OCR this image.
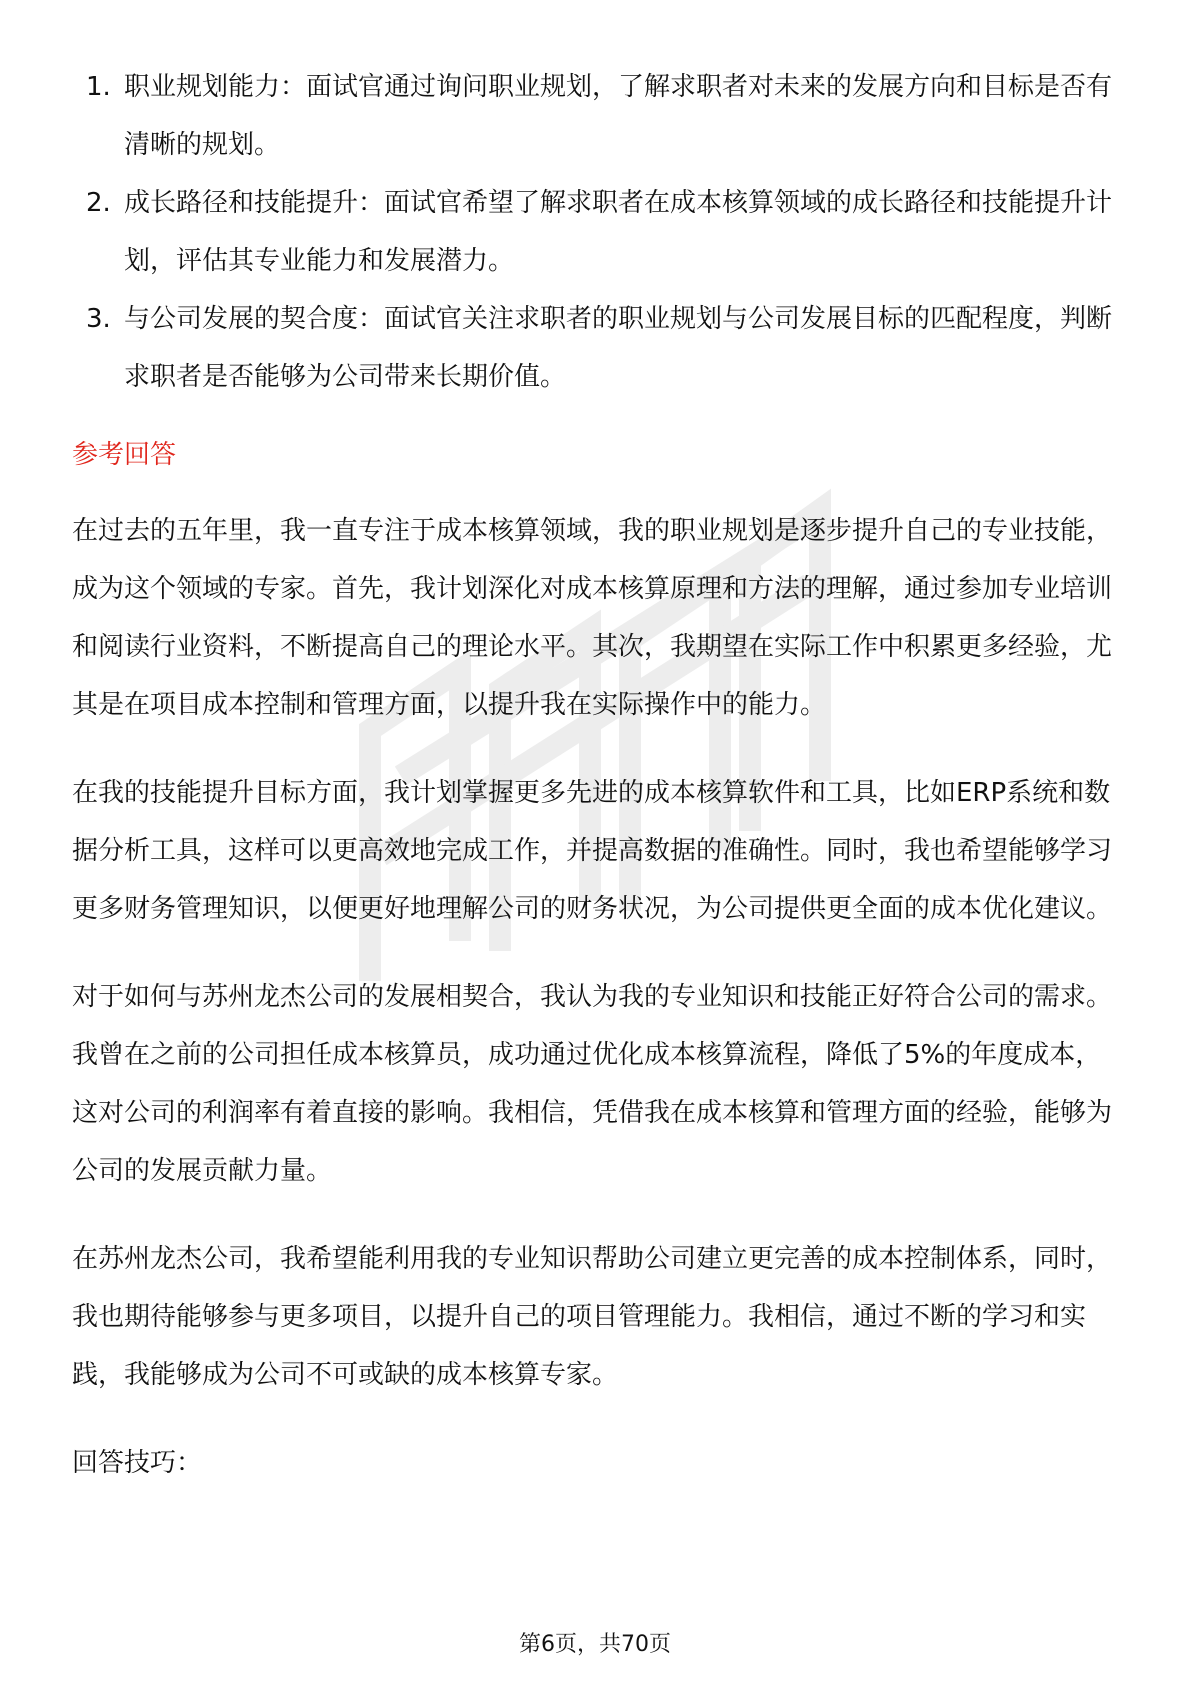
1. 职业规划能力：面试官通过询问职业规划，了解求职者对未来的发展方向和目标是否有清晰的规划。
2. 成长路径和技能提升：面试官希望了解求职者在成本核算领域的成长路径和技能提升计划，评估其专业能力和发展潜力。
3. 与公司发展的契合度：面试官关注求职者的职业规划与公司发展目标的匹配程度，判断求职者是否能够为公司带来长期价值。
参考回答

在过去的五年里，我一直专注于成本核算领域，我的职业规划是逐步提升自己的专业技能，成为这个领域的专家。首先，我计划深化对成本核算原理和方法的理解，通过参加专业培训和阅读行业资料，不断提高自己的理论水平。其次，我期望在实际工作中积累更多经验，尤其是在项目成本控制和管理方面，以提升我在实际操作中的能力。

在我的技能提升目标方面，我计划掌握更多先进的成本核算软件和工具，比如ERP系统和数据分析工具，这样可以更高效地完成工作，并提高数据的准确性。同时，我也希望能够学习更多财务管理知识，以便更好地理解公司的财务状况，为公司提供更全面的成本优化建议。

对于如何与苏州龙杰公司的发展相契合，我认为我的专业知识和技能正好符合公司的需求。我曾在之前的公司担任成本核算员，成功通过优化成本核算流程，降低了5%的年度成本，这对公司的利润率有着直接的影响。我相信，凭借我在成本核算和管理方面的经验，能够为公司的发展贡献力量。

在苏州龙杰公司，我希望能利用我的专业知识帮助公司建立更完善的成本控制体系，同时，我也期待能够参与更多项目，以提升自己的项目管理能力。我相信，通过不断的学习和实践，我能够成为公司不可或缺的成本核算专家。

回答技巧：
第6页，共70页
